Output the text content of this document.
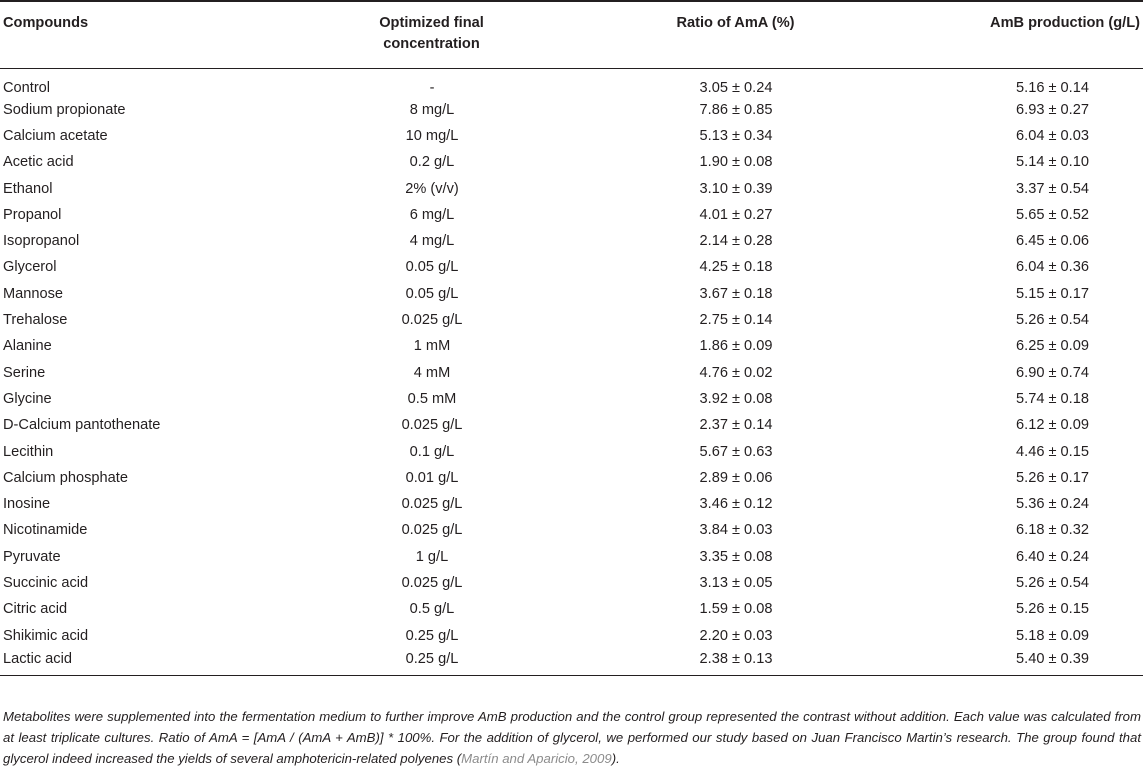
Compounds	Optimized final concentration	Ratio of AmA (%)	AmB production (g/L)
Control	-	3.05 ± 0.24	5.16 ± 0.14
Sodium propionate	8 mg/L	7.86 ± 0.85	6.93 ± 0.27
Calcium acetate	10 mg/L	5.13 ± 0.34	6.04 ± 0.03
Acetic acid	0.2 g/L	1.90 ± 0.08	5.14 ± 0.10
Ethanol	2% (v/v)	3.10 ± 0.39	3.37 ± 0.54
Propanol	6 mg/L	4.01 ± 0.27	5.65 ± 0.52
Isopropanol	4 mg/L	2.14 ± 0.28	6.45 ± 0.06
Glycerol	0.05 g/L	4.25 ± 0.18	6.04 ± 0.36
Mannose	0.05 g/L	3.67 ± 0.18	5.15 ± 0.17
Trehalose	0.025 g/L	2.75 ± 0.14	5.26 ± 0.54
Alanine	1 mM	1.86 ± 0.09	6.25 ± 0.09
Serine	4 mM	4.76 ± 0.02	6.90 ± 0.74
Glycine	0.5 mM	3.92 ± 0.08	5.74 ± 0.18
D-Calcium pantothenate	0.025 g/L	2.37 ± 0.14	6.12 ± 0.09
Lecithin	0.1 g/L	5.67 ± 0.63	4.46 ± 0.15
Calcium phosphate	0.01 g/L	2.89 ± 0.06	5.26 ± 0.17
Inosine	0.025 g/L	3.46 ± 0.12	5.36 ± 0.24
Nicotinamide	0.025 g/L	3.84 ± 0.03	6.18 ± 0.32
Pyruvate	1 g/L	3.35 ± 0.08	6.40 ± 0.24
Succinic acid	0.025 g/L	3.13 ± 0.05	5.26 ± 0.54
Citric acid	0.5 g/L	1.59 ± 0.08	5.26 ± 0.15
Shikimic acid	0.25 g/L	2.20 ± 0.03	5.18 ± 0.09
Lactic acid	0.25 g/L	2.38 ± 0.13	5.40 ± 0.39

Metabolites were supplemented into the fermentation medium to further improve AmB production and the control group represented the contrast without addition. Each value was calculated from at least triplicate cultures. Ratio of AmA = [AmA / (AmA + AmB)] * 100%. For the addition of glycerol, we performed our study based on Juan Francisco Martin’s research. The group found that glycerol indeed increased the yields of several amphotericin-related polyenes (Martín and Aparicio, 2009).
